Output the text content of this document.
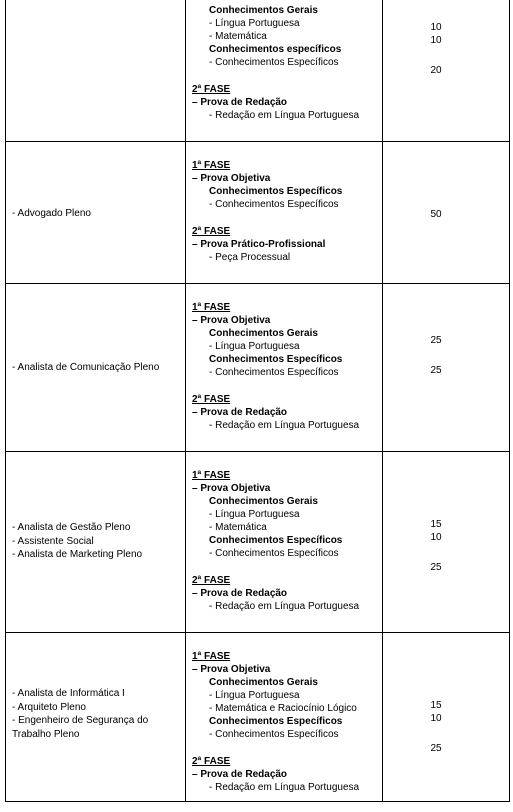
Conhecimentos Gerais
- Língua Portuguesa
- Matemática
Conhecimentos específicos
- Conhecimentos Específicos
2ª FASE
– Prova de Redação
- Redação em Língua Portuguesa
10
10
20
- Advogado Pleno
1ª FASE
– Prova Objetiva
Conhecimentos Específicos
- Conhecimentos Específicos
2ª FASE
– Prova Prático-Profissional
- Peça Processual
50
- Analista de Comunicação Pleno
1ª FASE
– Prova Objetiva
Conhecimentos Gerais
- Língua Portuguesa
Conhecimentos Específicos
- Conhecimentos Específicos
2ª FASE
– Prova de Redação
- Redação em Língua Portuguesa
25
25
- Analista de Gestão Pleno
- Assistente Social
- Analista de Marketing Pleno
1ª FASE
– Prova Objetiva
Conhecimentos Gerais
- Língua Portuguesa
- Matemática
Conhecimentos Específicos
- Conhecimentos Específicos
2ª FASE
– Prova de Redação
- Redação em Língua Portuguesa
15
10
25
- Analista de Informática I
- Arquiteto Pleno
- Engenheiro de Segurança do
Trabalho Pleno
1ª FASE
– Prova Objetiva
Conhecimentos Gerais
- Língua Portuguesa
- Matemática e Raciocínio Lógico
Conhecimentos Específicos
- Conhecimentos Específicos
2ª FASE
– Prova de Redação
- Redação em Língua Portuguesa
15
10
25
